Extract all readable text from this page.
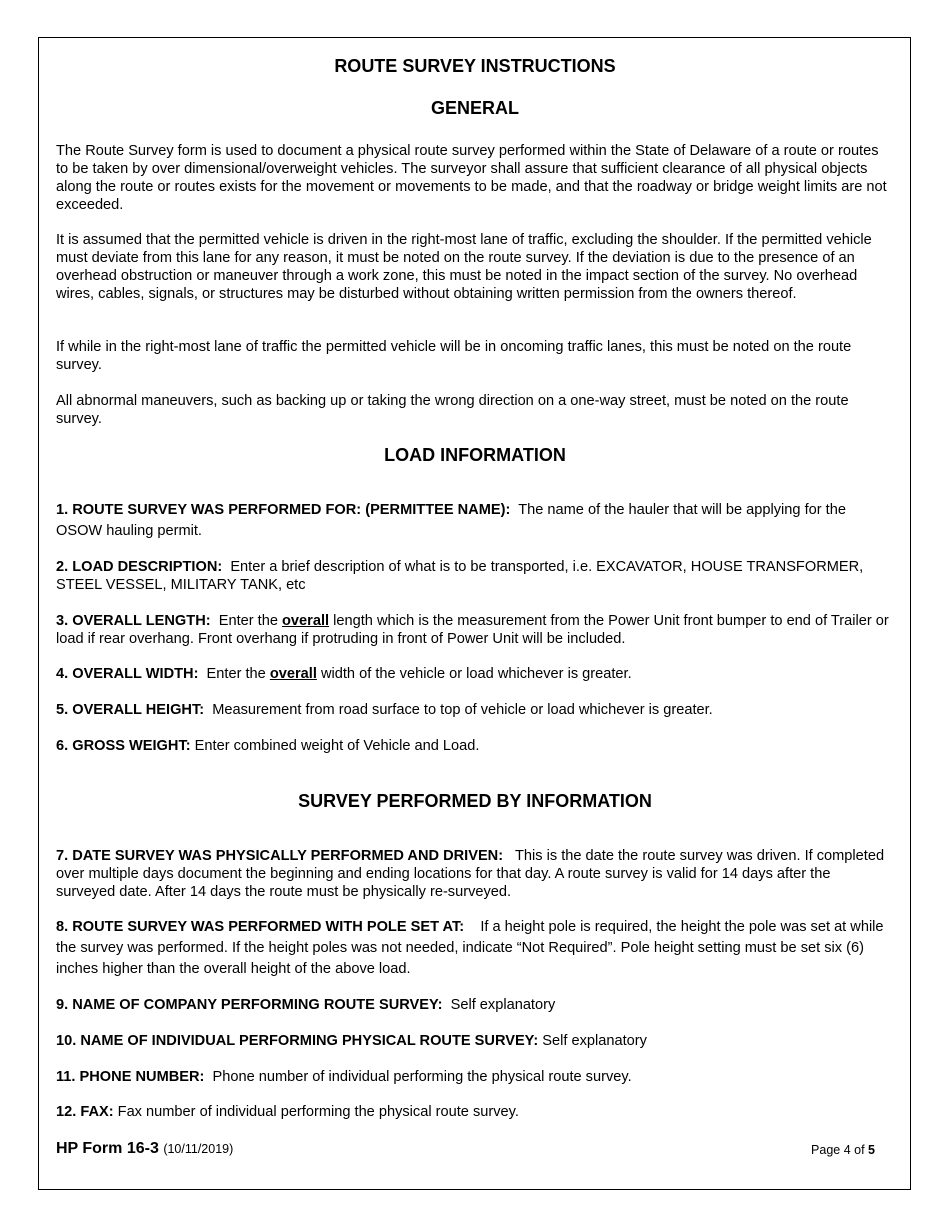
ROUTE SURVEY INSTRUCTIONS
GENERAL

The Route Survey form is used to document a physical route survey performed within the State of Delaware of a route or routes to be taken by over dimensional/overweight vehicles. The surveyor shall assure that sufficient clearance of all physical objects along the route or routes exists for the movement or movements to be made, and that the roadway or bridge weight limits are not exceeded.

It is assumed that the permitted vehicle is driven in the right-most lane of traffic, excluding the shoulder. If the permitted vehicle must deviate from this lane for any reason, it must be noted on the route survey. If the deviation is due to the presence of an overhead obstruction or maneuver through a work zone, this must be noted in the impact section of the survey. No overhead wires, cables, signals, or structures may be disturbed without obtaining written permission from the owners thereof.

If while in the right-most lane of traffic the permitted vehicle will be in oncoming traffic lanes, this must be noted on the route survey.

All abnormal maneuvers, such as backing up or taking the wrong direction on a one-way street, must be noted on the route survey.

LOAD INFORMATION

1. ROUTE SURVEY WAS PERFORMED FOR: (PERMITTEE NAME): The name of the hauler that will be applying for the OSOW hauling permit.

2. LOAD DESCRIPTION: Enter a brief description of what is to be transported, i.e. EXCAVATOR, HOUSE TRANSFORMER, STEEL VESSEL, MILITARY TANK, etc

3. OVERALL LENGTH: Enter the overall length which is the measurement from the Power Unit front bumper to end of Trailer or load if rear overhang. Front overhang if protruding in front of Power Unit will be included.

4. OVERALL WIDTH: Enter the overall width of the vehicle or load whichever is greater.

5. OVERALL HEIGHT: Measurement from road surface to top of vehicle or load whichever is greater.

6. GROSS WEIGHT: Enter combined weight of Vehicle and Load.

SURVEY PERFORMED BY INFORMATION

7. DATE SURVEY WAS PHYSICALLY PERFORMED AND DRIVEN: This is the date the route survey was driven. If completed over multiple days document the beginning and ending locations for that day. A route survey is valid for 14 days after the surveyed date. After 14 days the route must be physically re-surveyed.

8. ROUTE SURVEY WAS PERFORMED WITH POLE SET AT: If a height pole is required, the height the pole was set at while the survey was performed. If the height poles was not needed, indicate “Not Required”. Pole height setting must be set six (6) inches higher than the overall height of the above load.

9. NAME OF COMPANY PERFORMING ROUTE SURVEY: Self explanatory

10. NAME OF INDIVIDUAL PERFORMING PHYSICAL ROUTE SURVEY: Self explanatory

11. PHONE NUMBER: Phone number of individual performing the physical route survey.

12. FAX: Fax number of individual performing the physical route survey.

HP Form 16-3 (10/11/2019)	Page 4 of 5
